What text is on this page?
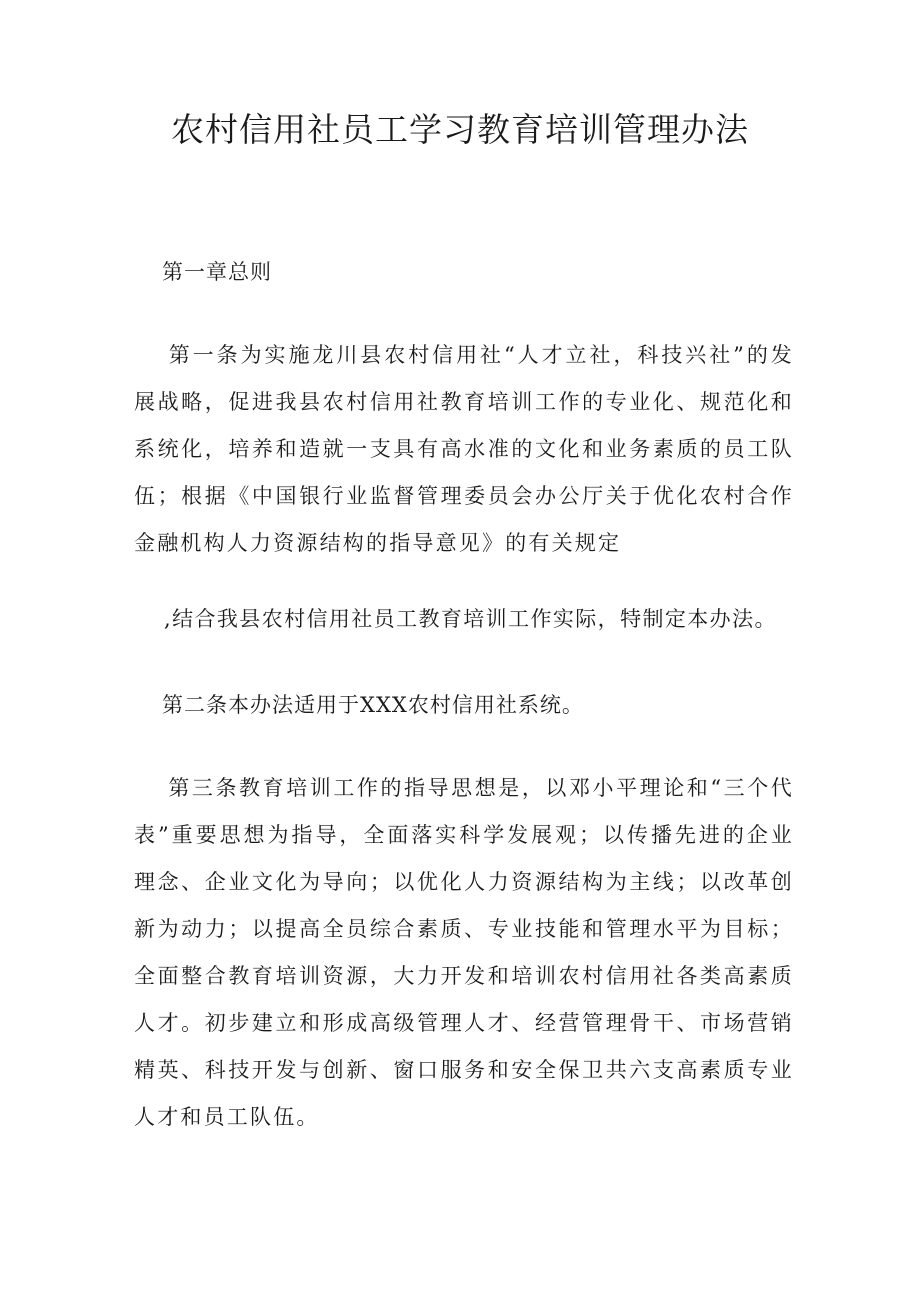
农村信用社员工学习教育培训管理办法
第一章总则

第一条为实施龙川县农村信用社“人才立社，科技兴社”的发展战略，促进我县农村信用社教育培训工作的专业化、规范化和系统化，培养和造就一支具有高水准的文化和业务素质的员工队伍；根据《中国银行业监督管理委员会办公厅关于优化农村合作金融机构人力资源结构的指导意见》的有关规定

,结合我县农村信用社员工教育培训工作实际，特制定本办法。

第二条本办法适用于XXX农村信用社系统。

第三条教育培训工作的指导思想是，以邓小平理论和“三个代表”重要思想为指导，全面落实科学发展观；以传播先进的企业理念、企业文化为导向；以优化人力资源结构为主线；以改革创新为动力；以提高全员综合素质、专业技能和管理水平为目标；全面整合教育培训资源，大力开发和培训农村信用社各类高素质人才。初步建立和形成高级管理人才、经营管理骨干、市场营销精英、科技开发与创新、窗口服务和安全保卫共六支高素质专业人才和员工队伍。
